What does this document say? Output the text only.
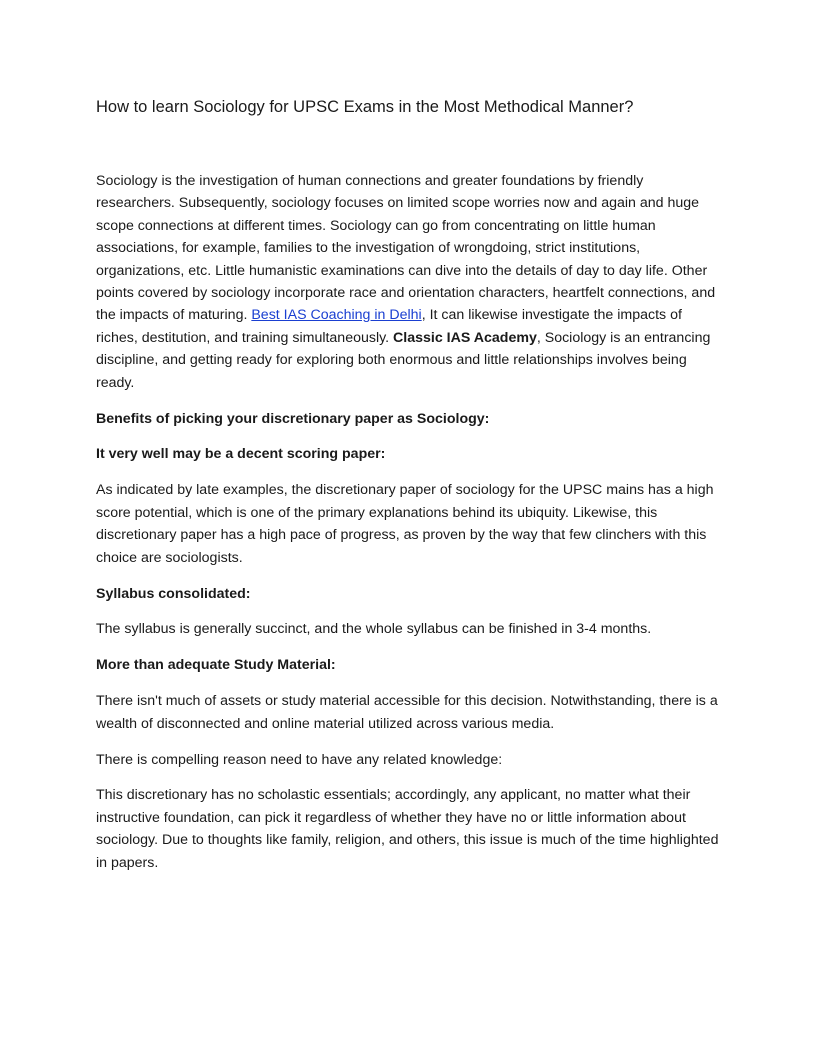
How to learn Sociology for UPSC Exams in the Most Methodical Manner?

Sociology is the investigation of human connections and greater foundations by friendly researchers. Subsequently, sociology focuses on limited scope worries now and again and huge scope connections at different times. Sociology can go from concentrating on little human associations, for example, families to the investigation of wrongdoing, strict institutions, organizations, etc. Little humanistic examinations can dive into the details of day to day life. Other points covered by sociology incorporate race and orientation characters, heartfelt connections, and the impacts of maturing. Best IAS Coaching in Delhi, It can likewise investigate the impacts of riches, destitution, and training simultaneously. Classic IAS Academy, Sociology is an entrancing discipline, and getting ready for exploring both enormous and little relationships involves being ready.

Benefits of picking your discretionary paper as Sociology:

It very well may be a decent scoring paper:

As indicated by late examples, the discretionary paper of sociology for the UPSC mains has a high score potential, which is one of the primary explanations behind its ubiquity. Likewise, this discretionary paper has a high pace of progress, as proven by the way that few clinchers with this choice are sociologists.

Syllabus consolidated:

The syllabus is generally succinct, and the whole syllabus can be finished in 3-4 months.

More than adequate Study Material:

There isn't much of assets or study material accessible for this decision. Notwithstanding, there is a wealth of disconnected and online material utilized across various media.

There is compelling reason need to have any related knowledge:

This discretionary has no scholastic essentials; accordingly, any applicant, no matter what their instructive foundation, can pick it regardless of whether they have no or little information about sociology. Due to thoughts like family, religion, and others, this issue is much of the time highlighted in papers.
